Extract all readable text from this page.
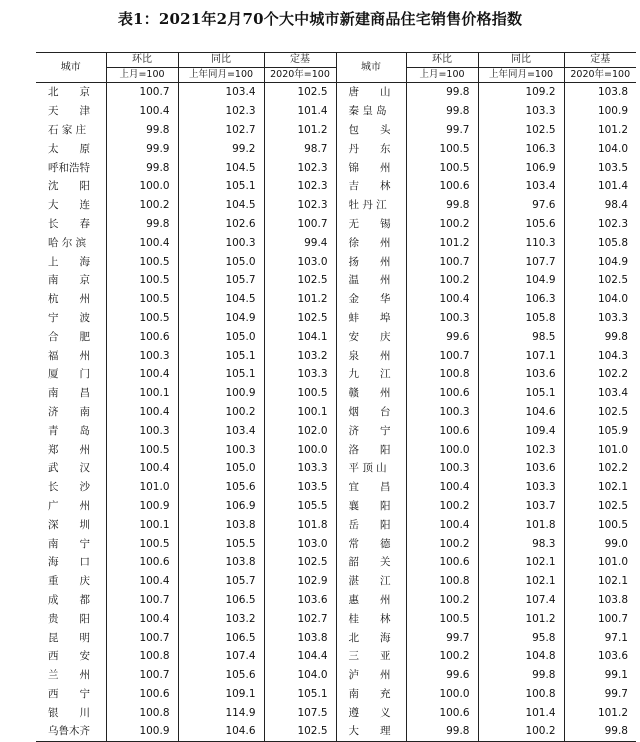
表1：2021年2月70个大中城市新建商品住宅销售价格指数
城市	环比	同比	定基	城市	环比	同比	定基
	上月=100	上年同月=100	2020年=100		上月=100	上年同月=100	2020年=100
北　　京	100.7	103.4	102.5	唐　　山	99.8	109.2	103.8
天　　津	100.4	102.3	101.4	秦 皇 岛	99.8	103.3	100.9
石 家 庄	99.8	102.7	101.2	包　　头	99.7	102.5	101.2
太　　原	99.9	99.2	98.7	丹　　东	100.5	106.3	104.0
呼和浩特	99.8	104.5	102.3	锦　　州	100.5	106.9	103.5
沈　　阳	100.0	105.1	102.3	吉　　林	100.6	103.4	101.4
大　　连	100.2	104.5	102.3	牡 丹 江	99.8	97.6	98.4
长　　春	99.8	102.6	100.7	无　　锡	100.2	105.6	102.3
哈 尔 滨	100.4	100.3	99.4	徐　　州	101.2	110.3	105.8
上　　海	100.5	105.0	103.0	扬　　州	100.7	107.7	104.9
南　　京	100.5	105.7	102.5	温　　州	100.2	104.9	102.5
杭　　州	100.5	104.5	101.2	金　　华	100.4	106.3	104.0
宁　　波	100.5	104.9	102.5	蚌　　埠	100.3	105.8	103.3
合　　肥	100.6	105.0	104.1	安　　庆	99.6	98.5	99.8
福　　州	100.3	105.1	103.2	泉　　州	100.7	107.1	104.3
厦　　门	100.4	105.1	103.3	九　　江	100.8	103.6	102.2
南　　昌	100.1	100.9	100.5	赣　　州	100.6	105.1	103.4
济　　南	100.4	100.2	100.1	烟　　台	100.3	104.6	102.5
青　　岛	100.3	103.4	102.0	济　　宁	100.6	109.4	105.9
郑　　州	100.5	100.3	100.0	洛　　阳	100.0	102.3	101.0
武　　汉	100.4	105.0	103.3	平 顶 山	100.3	103.6	102.2
长　　沙	101.0	105.6	103.5	宜　　昌	100.4	103.3	102.1
广　　州	100.9	106.9	105.5	襄　　阳	100.2	103.7	102.5
深　　圳	100.1	103.8	101.8	岳　　阳	100.4	101.8	100.5
南　　宁	100.5	105.5	103.0	常　　德	100.2	98.3	99.0
海　　口	100.6	103.8	102.5	韶　　关	100.6	102.1	101.0
重　　庆	100.4	105.7	102.9	湛　　江	100.8	102.1	102.1
成　　都	100.7	106.5	103.6	惠　　州	100.2	107.4	103.8
贵　　阳	100.4	103.2	102.7	桂　　林	100.5	101.2	100.7
昆　　明	100.7	106.5	103.8	北　　海	99.7	95.8	97.1
西　　安	100.8	107.4	104.4	三　　亚	100.2	104.8	103.6
兰　　州	100.7	105.6	104.0	泸　　州	99.6	99.8	99.1
西　　宁	100.6	109.1	105.1	南　　充	100.0	100.8	99.7
银　　川	100.8	114.9	107.5	遵　　义	100.6	101.4	101.2
乌鲁木齐	100.9	104.6	102.5	大　　理	99.8	100.2	99.8
